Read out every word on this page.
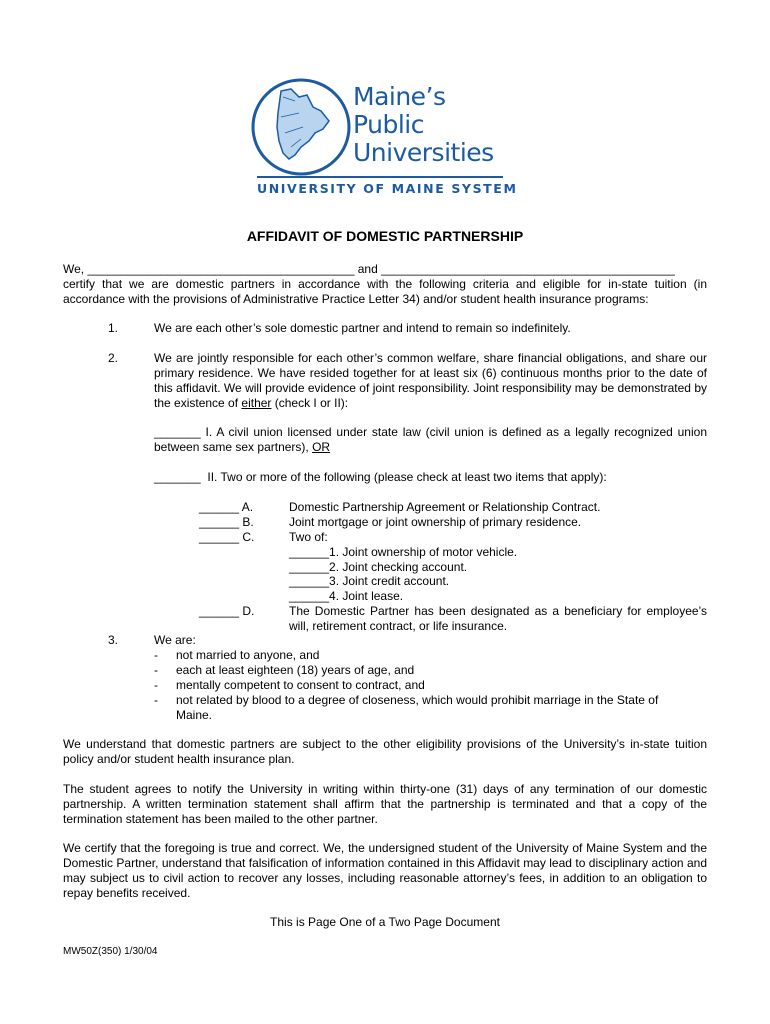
Maine’s
Public
Universities
UNIVERSITY OF MAINE SYSTEM
AFFIDAVIT OF DOMESTIC PARTNERSHIP
We, ________________________________________ and ____________________________________________

certify that we are domestic partners in accordance with the following criteria and eligible for in-state tuition (in accordance with the provisions of Administrative Practice Letter 34) and/or student health insurance programs:

1.	We are each other’s sole domestic partner and intend to remain so indefinitely.

2.	We are jointly responsible for each other’s common welfare, share financial obligations, and share our primary residence. We have resided together for at least six (6) continuous months prior to the date of this affidavit. We will provide evidence of joint responsibility. Joint responsibility may be demonstrated by the existence of either (check I or II):

_______ I. A civil union licensed under state law (civil union is defined as a legally recognized union between same sex partners), OR

_______  II. Two or more of the following (please check at least two items that apply):
______ A.	Domestic Partnership Agreement or Relationship Contract.
______ B.	Joint mortgage or joint ownership of primary residence.
______ C.	Two of:
______1. Joint ownership of motor vehicle.
______2. Joint checking account.
______3. Joint credit account.
______4. Joint lease.
______ D.	The Domestic Partner has been designated as a beneficiary for employee’s will, retirement contract, or life insurance.

3.	We are:
- not married to anyone, and
- each at least eighteen (18) years of age, and
- mentally competent to consent to contract, and
- not related by blood to a degree of closeness, which would prohibit marriage in the State of Maine.

We understand that domestic partners are subject to the other eligibility provisions of the University’s in-state tuition policy and/or student health insurance plan.

The student agrees to notify the University in writing within thirty-one (31) days of any termination of our domestic partnership. A written termination statement shall affirm that the partnership is terminated and that a copy of the termination statement has been mailed to the other partner.

We certify that the foregoing is true and correct. We, the undersigned student of the University of Maine System and the Domestic Partner, understand that falsification of information contained in this Affidavit may lead to disciplinary action and may subject us to civil action to recover any losses, including reasonable attorney’s fees, in addition to an obligation to repay benefits received.

This is Page One of a Two Page Document
MW50Z(350) 1/30/04
